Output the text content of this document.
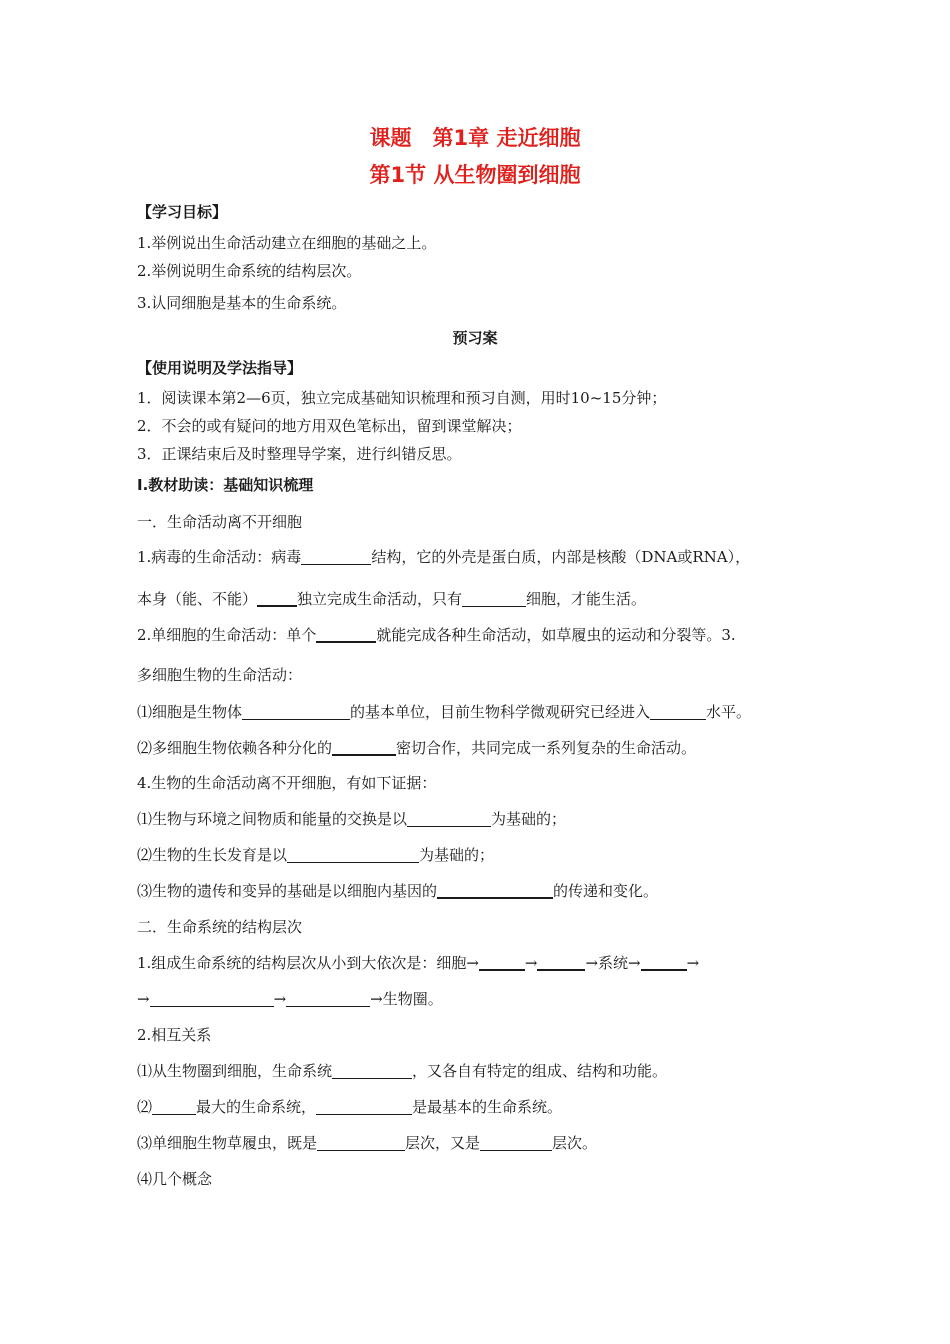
课题　第1章 走近细胞
第1节 从生物圈到细胞
【学习目标】
1.举例说出生命活动建立在细胞的基础之上。
2.举例说明生命系统的结构层次。
3.认同细胞是基本的生命系统。
预习案
【使用说明及学法指导】
1．阅读课本第2—6页，独立完成基础知识梳理和预习自测，用时10~15分钟；
2．不会的或有疑问的地方用双色笔标出，留到课堂解决；
3．正课结束后及时整理导学案，进行纠错反思。
Ⅰ.教材助读：基础知识梳理
一．生命活动离不开细胞
1.病毒的生命活动：病毒	结构，它的外壳是蛋白质，内部是核酸（DNA或RNA），
本身（能、不能）	独立完成生命活动，只有	细胞，才能生活。
2.单细胞的生命活动：单个	就能完成各种生命活动，如草履虫的运动和分裂等。3.
多细胞生物的生命活动：
⑴细胞是生物体	的基本单位，目前生物科学微观研究已经进入	水平。
⑵多细胞生物依赖各种分化的	密切合作，共同完成一系列复杂的生命活动。
4.生物的生命活动离不开细胞，有如下证据：
⑴生物与环境之间物质和能量的交换是以	为基础的；
⑵生物的生长发育是以	为基础的；
⑶生物的遗传和变异的基础是以细胞内基因的	的传递和变化。
二．生命系统的结构层次
1.组成生命系统的结构层次从小到大依次是：细胞→	→	→系统→	→
→	→	→生物圈。
2.相互关系
⑴从生物圈到细胞，生命系统	，又各自有特定的组成、结构和功能。
⑵	最大的生命系统，	是最基本的生命系统。
⑶单细胞生物草履虫，既是	层次，又是	层次。
⑷几个概念
